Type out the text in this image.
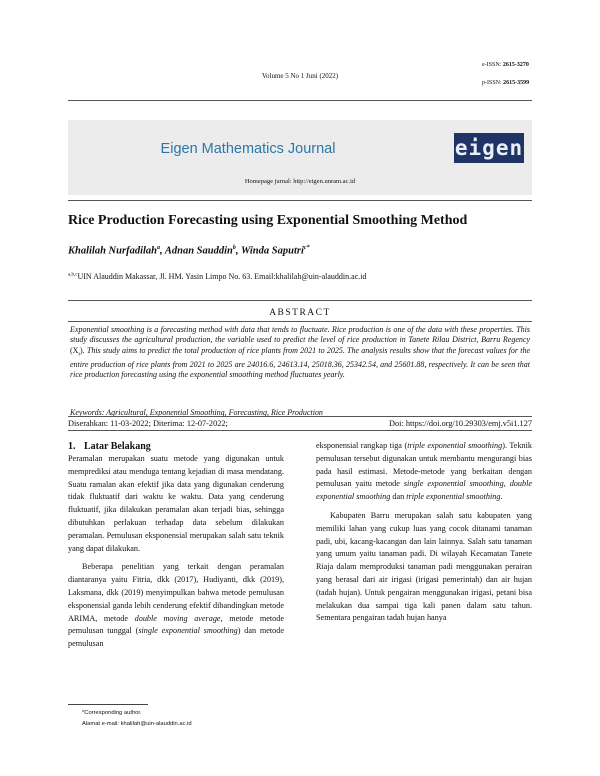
Volume 5 No 1 Juni (2022)
e-ISSN: 2615-3270
p-ISSN: 2615-3599
Eigen Mathematics Journal
Homepage jurnal: http://eigen.unram.ac.id
eigen
Rice Production Forecasting using Exponential Smoothing Method
Khalilah Nurfadilah$^a$, Adnan Sauddin$^b$, Winda Saputri$^{c*}$
$^{a,b,c}$UIN Alauddin Makassar, Jl. HM. Yasin Limpo No. 63. Email:khalilah@uin-alauddin.ac.id
ABSTRACT
Exponential smoothing is a forecasting method with data that tends to fluctuate. Rice production is one of the data with these properties. This study discusses the agricultural production, the variable used to predict the level of rice production in Tanete Rilau District, Barru Regency $(X_t)$. This study aims to predict the total production of rice plants from 2021 to 2025. The analysis results show that the forecast values for the entire production of rice plants from 2021 to 2025 are 24016.6, 24613.14, 25018.36, 25342.54, and 25601.88, respectively. It can be seen that rice production forecasting using the exponential smoothing method fluctuates yearly.
Keywords: Agricultural, Exponential Smoothing, Forecasting, Rice Production
Diserahkan: 11-03-2022; Diterima: 12-07-2022;	Doi: https://doi.org/10.29303/emj.v5i1.127
1. Latar Belakang

Peramalan merupakan suatu metode yang digunakan untuk memprediksi atau menduga tentang kejadian di masa mendatang. Suatu ramalan akan efektif jika data yang digunakan cenderung tidak fluktuatif dari waktu ke waktu. Data yang cenderung fluktuatif, jika dilakukan peramalan akan terjadi bias, sehingga dibutuhkan perlakuan terhadap data sebelum dilakukan peramalan. Pemulusan eksponensial merupakan salah satu teknik yang dapat dilakukan.

Beberapa penelitian yang terkait dengan peramalan diantaranya yaitu Fitria, dkk (2017), Hudiyanti, dkk (2019), Laksmana, dkk (2019) menyimpulkan bahwa metode pemulusan eksponensial ganda lebih cenderung efektif dibandingkan metode ARIMA, metode double moving average, metode metode pemulusan tunggal (single exponential smoothing) dan metode pemulusan

eksponensial rangkap tiga (triple exponential smoothing). Teknik pemulusan tersebut digunakan untuk membantu mengurangi bias pada hasil estimasi. Metode-metode yang berkaitan dengan pemulusan yaitu metode single exponential smoothing, double exponential smoothing dan triple exponential smoothing.

Kabupaten Barru merupakan salah satu kabupaten yang memiliki lahan yang cukup luas yang cocok ditanami tanaman padi, ubi, kacang-kacangan dan lain lainnya. Salah satu tanaman yang umum yaitu tanaman padi. Di wilayah Kecamatan Tanete Riaja dalam memproduksi tanaman padi menggunakan perairan yang berasal dari air irigasi (irigasi pemerintah) dan air hujan (tadah hujan). Untuk pengairan menggunakan irigasi, petani bisa melakukan dua sampai tiga kali panen dalam satu tahun. Sementara pengairan tadah hujan hanya

*Corresponding author.
Alamat e-mail: khalilah@uin-alauddin.ac.id
